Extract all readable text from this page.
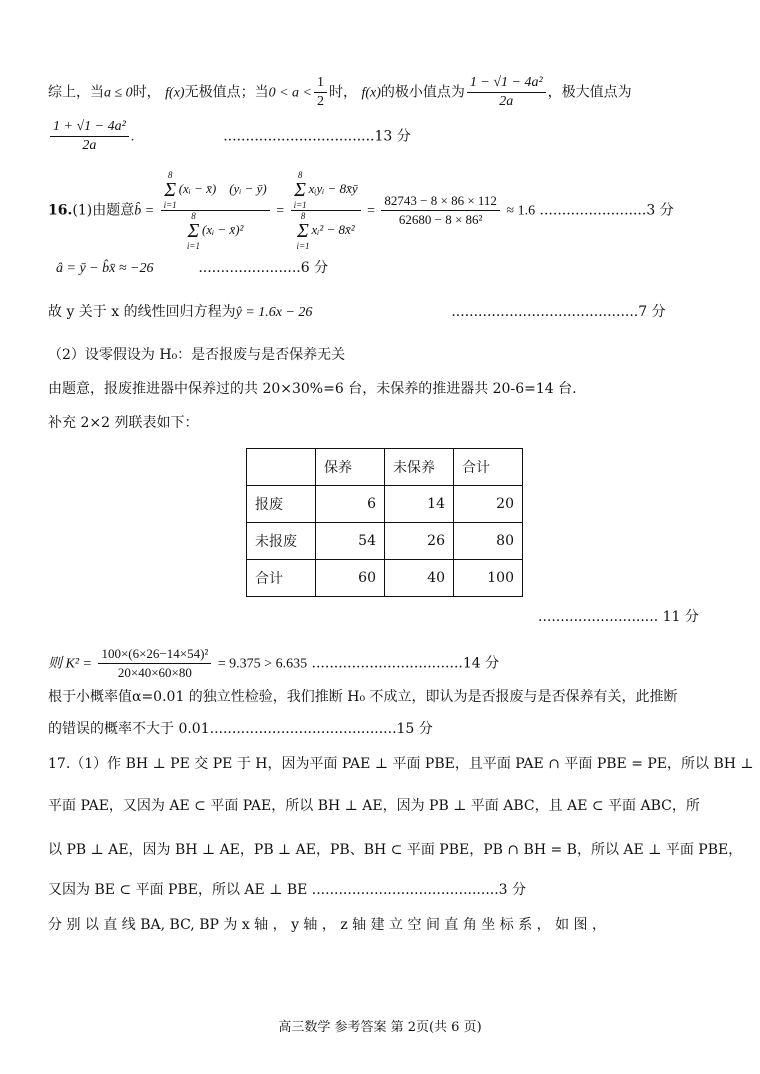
综上，当a ≤ 0时， f(x)无极值点；当$0 < a < \frac{1}{2}$ 时， f(x)的极小值点为 $\frac{\text{1 − √1 − 4a²}}{2a}$ ，极大值点为
$\frac{\text{1 + √1 − 4a²}}{2a}$ .	..................................13 分
16.(1)由题意b̂ = 8
Σ
i=1
(xᵢ − x̄)　(yᵢ − ȳ)
8
Σ
i=1
(xᵢ − x̄)² = 8
Σ
i=1
xᵢyᵢ − 8x̄ȳ
8
Σ
i=1
xᵢ² − 8x̄² = $\frac{82743 - 8 \times 86 \times 112}{\text{62680 − 8 × 86²}} \approx 1.6$ ........................3 分
â = ȳ − b̂x̄ ≈ −26	.......................6 分
故 y 关于 x 的线性回归方程为ŷ = 1.6x − 26	..........................................7 分
（2）设零假设为 H₀：是否报废与是否保养无关
由题意，报废推进器中保养过的共 20×30%=6 台，未保养的推进器共 20-6=14 台.
补充 2×2 列联表如下：
	保养	未保养	合计
报废	6	14	20
未报废	54	26	80
合计	60	40	100
........................... 11 分
则 $K^2 = \frac{\text{100×(6×26−14×54)²}}{20\times 40\times 60\times 80} = 9.375 > 6.635$ ..................................14 分
根于小概率值α=0.01 的独立性检验，我们推断 H₀ 不成立，即认为是否报废与是否保养有关，此推断
的错误的概率不大于 0.01..........................................15 分
17.（1）作 BH ⊥ PE 交 PE 于 H，因为平面 PAE ⊥ 平面 PBE，且平面 PAE ∩ 平面 PBE = PE，所以 BH ⊥
平面 PAE，又因为 AE ⊂ 平面 PAE，所以 BH ⊥ AE，因为 PB ⊥ 平面 ABC，且 AE ⊂ 平面 ABC，所
以 PB ⊥ AE，因为 BH ⊥ AE，PB ⊥ AE，PB、BH ⊂ 平面 PBE，PB ∩ BH = B，所以 AE ⊥ 平面 PBE，
又因为 BE ⊂ 平面 PBE，所以 AE ⊥ BE ..........................................3 分
分 别 以 直 线 BA, BC, BP 为 x 轴 ， y 轴 ， z 轴 建 立 空 间 直 角 坐 标 系 ， 如 图 ，
高三数学 参考答案 第 2页(共 6 页)
